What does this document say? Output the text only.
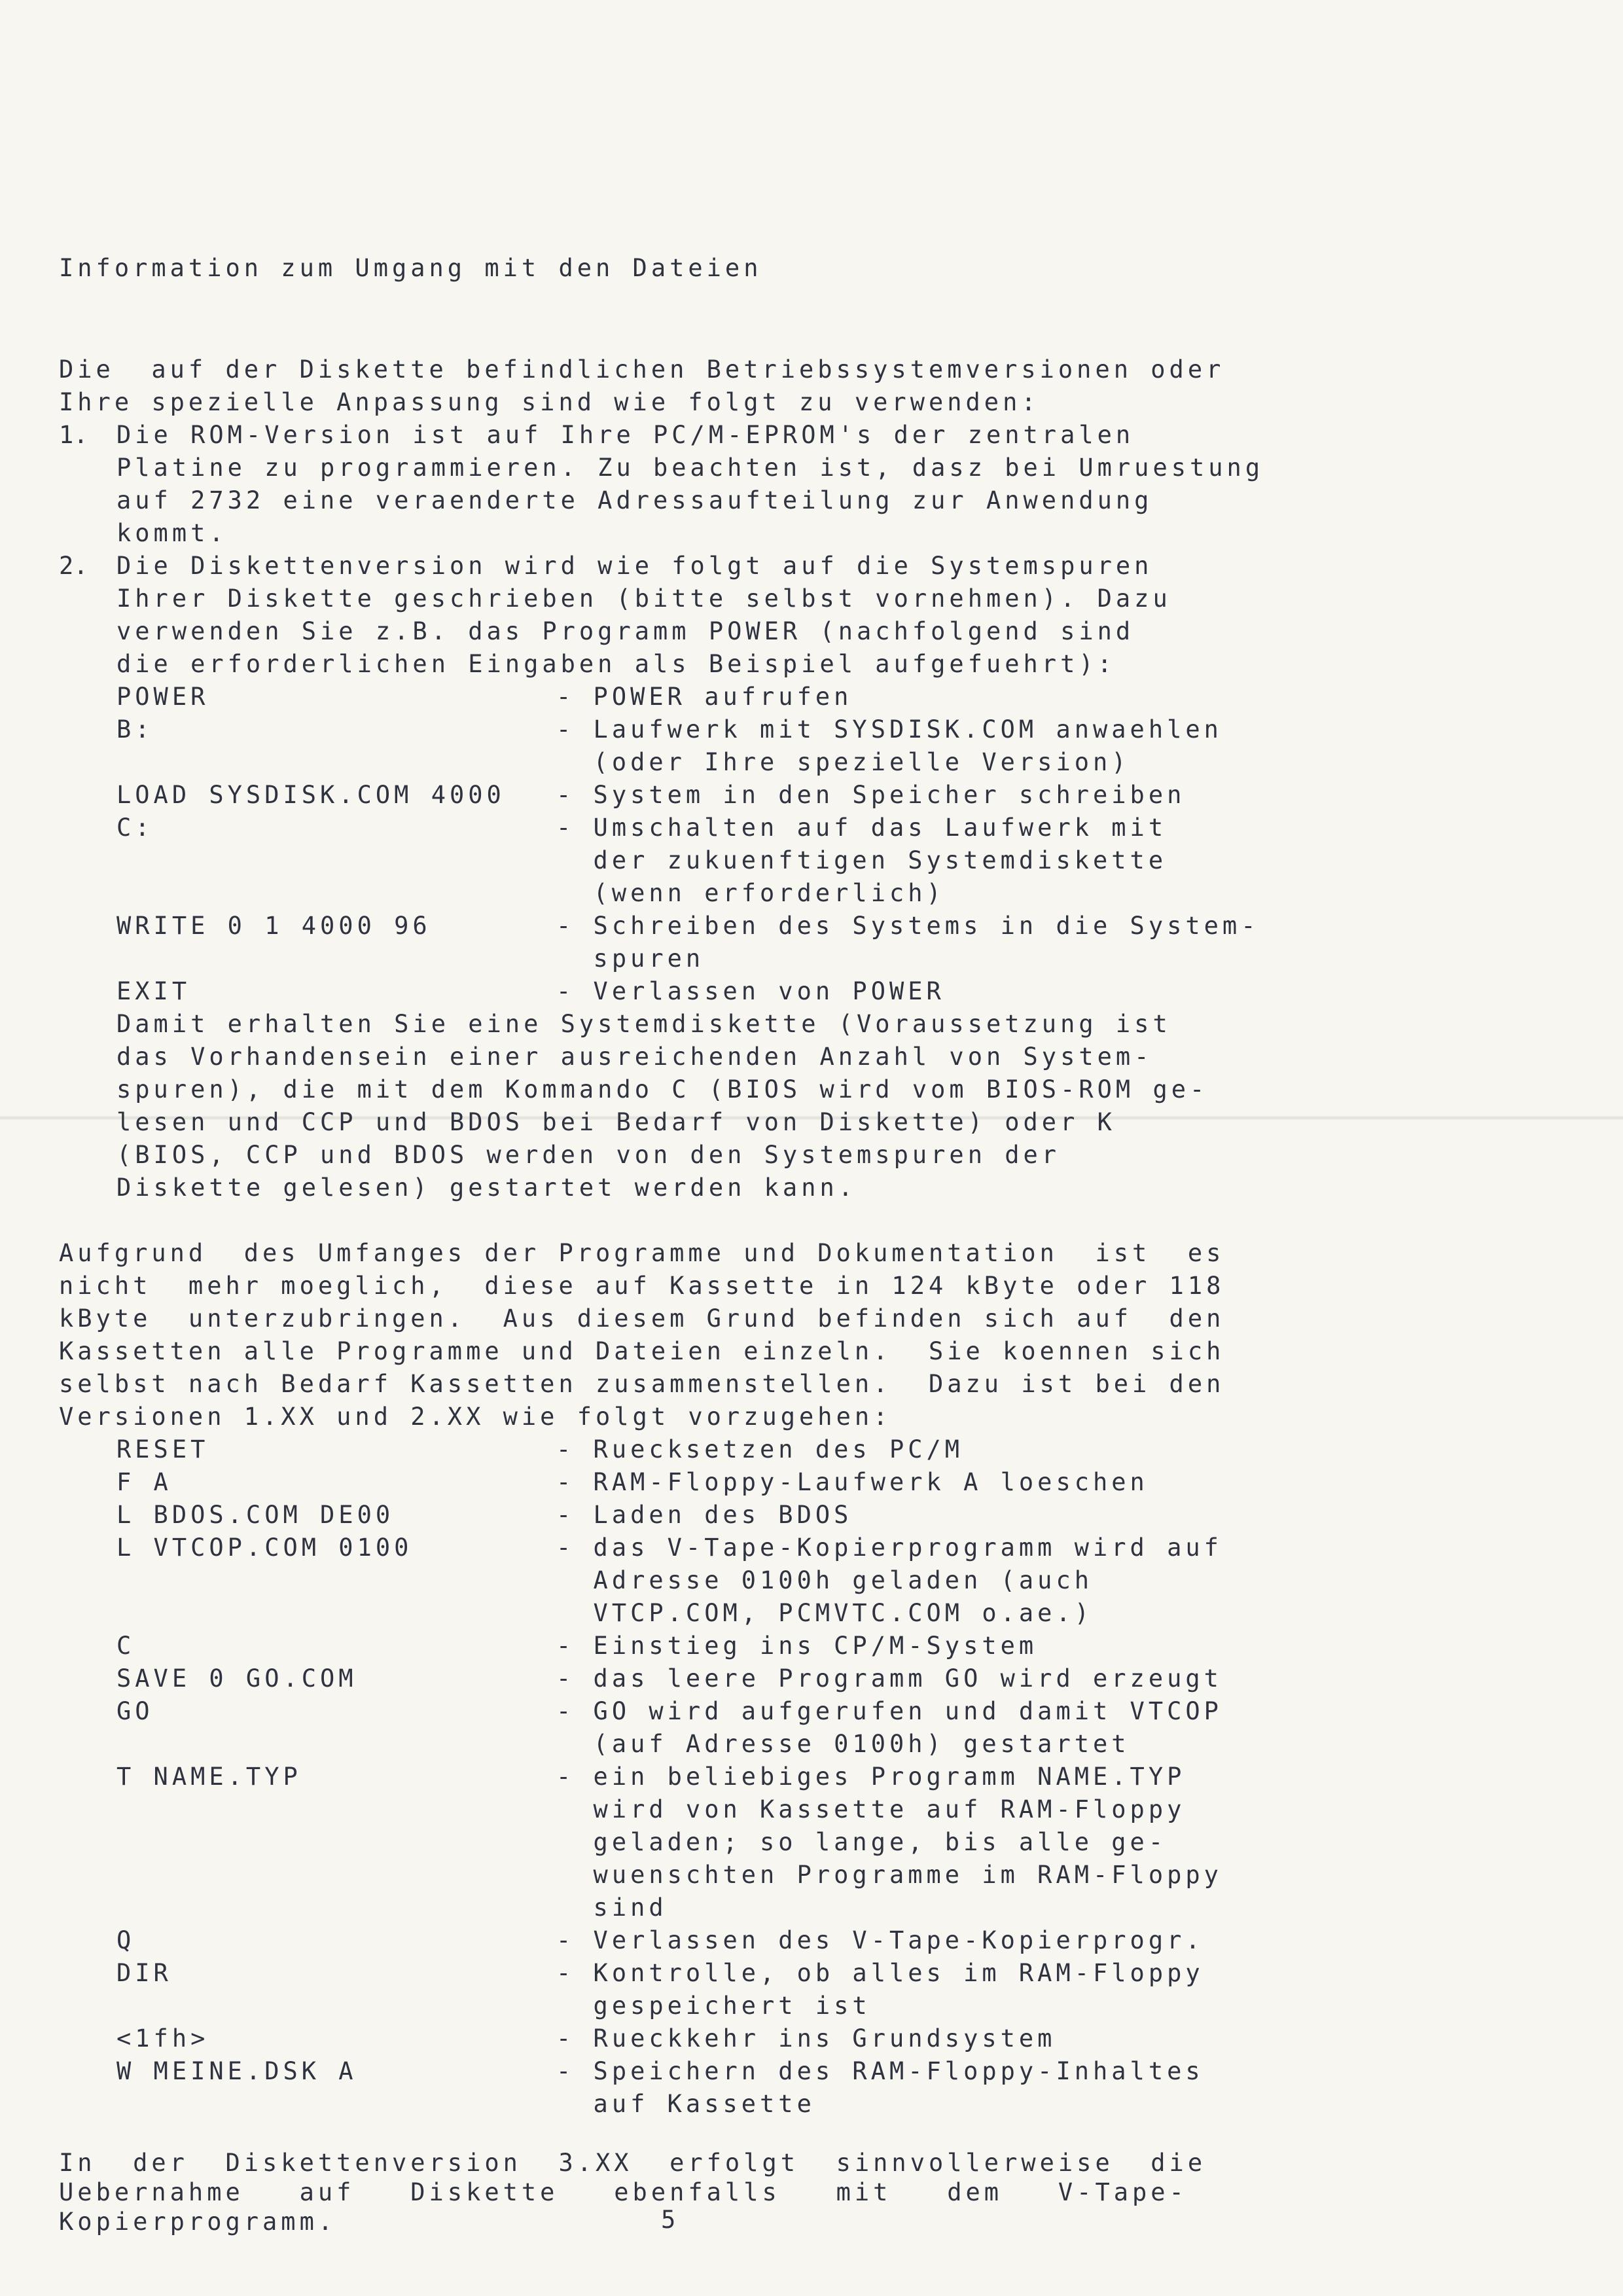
Information zum Umgang mit den Dateien
Die  auf der Diskette befindlichen Betriebssystemversionen oder
Ihre spezielle Anpassung sind wie folgt zu verwenden:
1. Die ROM-Version ist auf Ihre PC/M-EPROM's der zentralen
Platine zu programmieren. Zu beachten ist, dasz bei Umruestung
auf 2732 eine veraenderte Adressaufteilung zur Anwendung
kommt.
2. Die Diskettenversion wird wie folgt auf die Systemspuren
Ihrer Diskette geschrieben (bitte selbst vornehmen). Dazu
verwenden Sie z.B. das Programm POWER (nachfolgend sind
die erforderlichen Eingaben als Beispiel aufgefuehrt):
POWER	- POWER aufrufen
B:	- Laufwerk mit SYSDISK.COM anwaehlen
(oder Ihre spezielle Version)
LOAD SYSDISK.COM 4000 - System in den Speicher schreiben
C:	- Umschalten auf das Laufwerk mit
der zukuenftigen Systemdiskette
(wenn erforderlich)
WRITE 0 1 4000 96	- Schreiben des Systems in die System-
spuren
EXIT	- Verlassen von POWER
Damit erhalten Sie eine Systemdiskette (Voraussetzung ist
das Vorhandensein einer ausreichenden Anzahl von System-
spuren), die mit dem Kommando C (BIOS wird vom BIOS-ROM ge-
lesen und CCP und BDOS bei Bedarf von Diskette) oder K
(BIOS, CCP und BDOS werden von den Systemspuren der
Diskette gelesen) gestartet werden kann.
Aufgrund  des Umfanges der Programme und Dokumentation  ist  es
nicht  mehr moeglich,  diese auf Kassette in 124 kByte oder 118
kByte  unterzubringen.  Aus diesem Grund befinden sich auf  den
Kassetten alle Programme und Dateien einzeln.  Sie koennen sich
selbst nach Bedarf Kassetten zusammenstellen.  Dazu ist bei den
Versionen 1.XX und 2.XX wie folgt vorzugehen:
RESET	- Ruecksetzen des PC/M
F A	- RAM-Floppy-Laufwerk A loeschen
L BDOS.COM DE00	- Laden des BDOS
L VTCOP.COM 0100	- das V-Tape-Kopierprogramm wird auf
Adresse 0100h geladen (auch
VTCP.COM, PCMVTC.COM o.ae.)
C	- Einstieg ins CP/M-System
SAVE 0 GO.COM	- das leere Programm GO wird erzeugt
GO	- GO wird aufgerufen und damit VTCOP
(auf Adresse 0100h) gestartet
T NAME.TYP	- ein beliebiges Programm NAME.TYP
wird von Kassette auf RAM-Floppy
geladen; so lange, bis alle ge-
wuenschten Programme im RAM-Floppy
sind
Q	- Verlassen des V-Tape-Kopierprogr.
DIR	- Kontrolle, ob alles im RAM-Floppy
gespeichert ist
<1fh>	- Rueckkehr ins Grundsystem
W MEINE.DSK A	- Speichern des RAM-Floppy-Inhaltes
auf Kassette
In  der  Diskettenversion  3.XX  erfolgt  sinnvollerweise  die
Uebernahme   auf   Diskette   ebenfalls   mit   dem   V-Tape-
Kopierprogramm.	5
